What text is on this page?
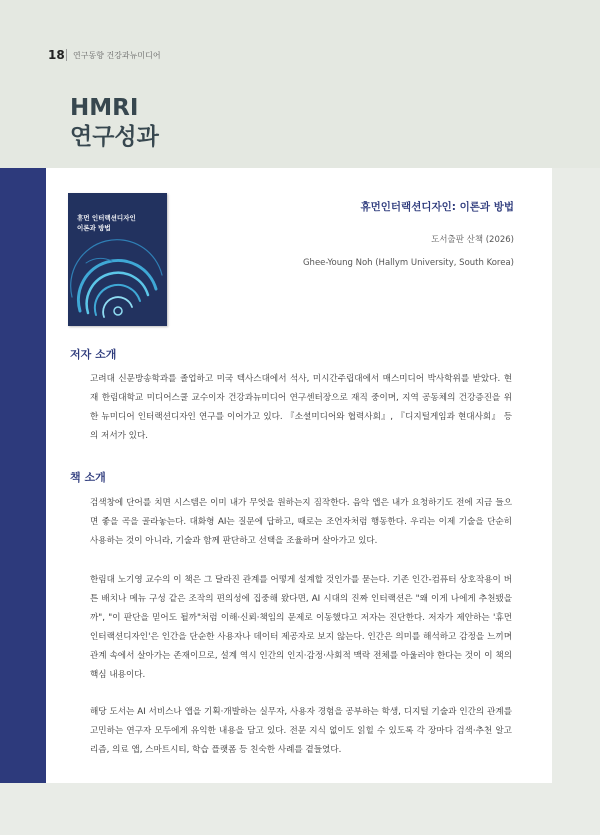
18 연구동향 건강과뉴미디어
HMRI
연구성과
휴먼 인터랙션디자인
이론과 방법
휴먼인터랙션디자인: 이론과 방법
도서출판 산책 (2026)
Ghee-Young Noh (Hallym University, South Korea)
저자 소개

고려대 신문방송학과를 졸업하고 미국 텍사스대에서 석사, 미시간주립대에서 매스미디어 박사학위를 받았다. 현재 한림대학교 미디어스쿨 교수이자 건강과뉴미디어 연구센터장으로 재직 중이며, 지역 공동체의 건강증진을 위한 뉴미디어 인터랙션디자인 연구를 이어가고 있다. 『소셜미디어와 협력사회』, 『디지털게임과 현대사회』 등의 저서가 있다.

책 소개

검색창에 단어를 치면 시스템은 이미 내가 무엇을 원하는지 짐작한다. 음악 앱은 내가 요청하기도 전에 지금 들으면 좋을 곡을 골라놓는다. 대화형 AI는 질문에 답하고, 때로는 조언자처럼 행동한다. 우리는 이제 기술을 단순히 사용하는 것이 아니라, 기술과 함께 판단하고 선택을 조율하며 살아가고 있다.

한림대 노기영 교수의 이 책은 그 달라진 관계를 어떻게 설계할 것인가를 묻는다. 기존 인간-컴퓨터 상호작용이 버튼 배치나 메뉴 구성 같은 조작의 편의성에 집중해 왔다면, AI 시대의 진짜 인터랙션은 "왜 이게 나에게 추천됐을까", "이 판단을 믿어도 될까"처럼 이해·신뢰·책임의 문제로 이동했다고 저자는 진단한다. 저자가 제안하는 '휴먼 인터랙션디자인'은 인간을 단순한 사용자나 데이터 제공자로 보지 않는다. 인간은 의미를 해석하고 감정을 느끼며 관계 속에서 살아가는 존재이므로, 설계 역시 인간의 인지·감정·사회적 맥락 전체를 아울러야 한다는 것이 이 책의 핵심 내용이다.

해당 도서는 AI 서비스나 앱을 기획·개발하는 실무자, 사용자 경험을 공부하는 학생, 디지털 기술과 인간의 관계를 고민하는 연구자 모두에게 유익한 내용을 담고 있다. 전문 지식 없이도 읽힐 수 있도록 각 장마다 검색·추천 알고리즘, 의료 앱, 스마트시티, 학습 플랫폼 등 친숙한 사례를 곁들였다.
